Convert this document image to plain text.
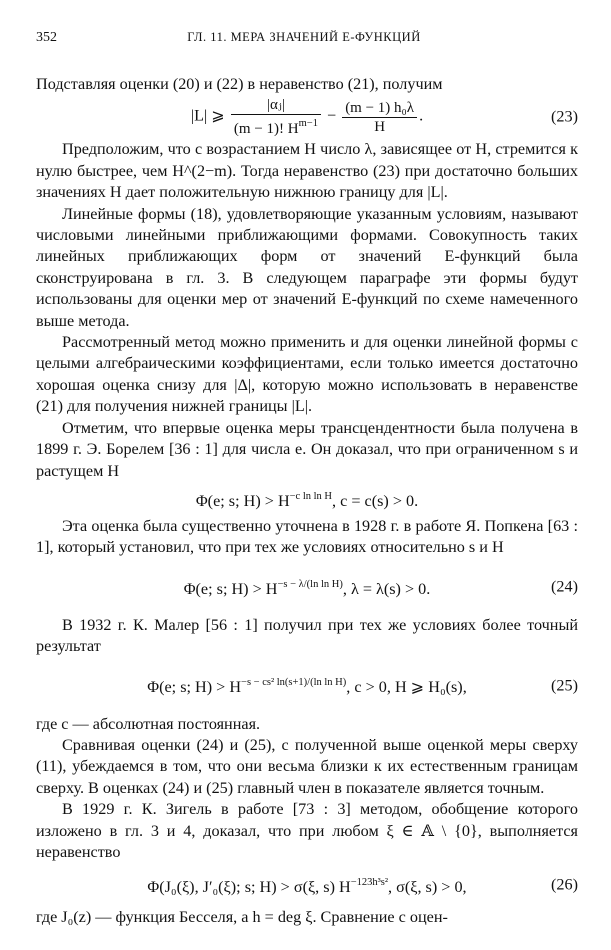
352	ГЛ. 11. МЕРА ЗНАЧЕНИЙ Е-ФУНКЦИЙ

Подставляя оценки (20) и (22) в неравенство (21), получим

|L| ⩾ $\frac{\text{|αⱼ|}}{(m - 1)! H^{m-1}} - \frac{\text{(m − 1) h₀λ}}{H}$ .	(23)

Предположим, что с возрастанием H число λ, зависящее от H, стремится к нулю быстрее, чем H^(2−m). Тогда неравенство (23) при достаточно больших значениях H дает положительную нижнюю границу для |L|.

Линейные формы (18), удовлетворяющие указанным условиям, называют числовыми линейными приближающими формами. Совокупность таких линейных приближающих форм от значений E-функций была сконструирована в гл. 3. В следующем параграфе эти формы будут использованы для оценки мер от значений E-функций по схеме намеченного выше метода.

Рассмотренный метод можно применить и для оценки линейной формы с целыми алгебраическими коэффициентами, если только имеется достаточно хорошая оценка снизу для |Δ|, которую можно использовать в неравенстве (21) для получения нижней границы |L|.

Отметим, что впервые оценка меры трансцендентности была получена в 1899 г. Э. Борелем [36 : 1] для числа e. Он доказал, что при ограниченном s и растущем H

Φ(e; s; $H) > H^{-c ln ln H}$, c = c(s) > 0.

Эта оценка была существенно уточнена в 1928 г. в работе Я. Попкена [63 : 1], который установил, что при тех же условиях относительно s и H

Φ(e; s; $H) > H^{-s - \lambda/(ln ln H)}$, λ = λ(s) > 0.	(24)

В 1932 г. К. Малер [56 : 1] получил при тех же условиях более точный результат

Φ(e; s; $H) > H^{-s - cs^2 ln(s+1)/(ln ln H)}$, c > 0, H ⩾ H₀(s),	(25)

где c — абсолютная постоянная.

Сравнивая оценки (24) и (25), с полученной выше оценкой меры сверху (11), убеждаемся в том, что они весьма близки к их естественным границам сверху. В оценках (24) и (25) главный член в показателе является точным.

В 1929 г. К. Зигель в работе [73 : 3] методом, обобщение которого изложено в гл. 3 и 4, доказал, что при любом ξ ∈ 𝔸 \ {0}, выполняется неравенство

Φ(J₀(ξ), J′₀(ξ); s; H) > σ(ξ, s) $H^{-123h^3s^2}$, σ(ξ, s) > 0,	(26)

где J₀(z) — функция Бесселя, а h = deg ξ. Сравнение с оцен-
